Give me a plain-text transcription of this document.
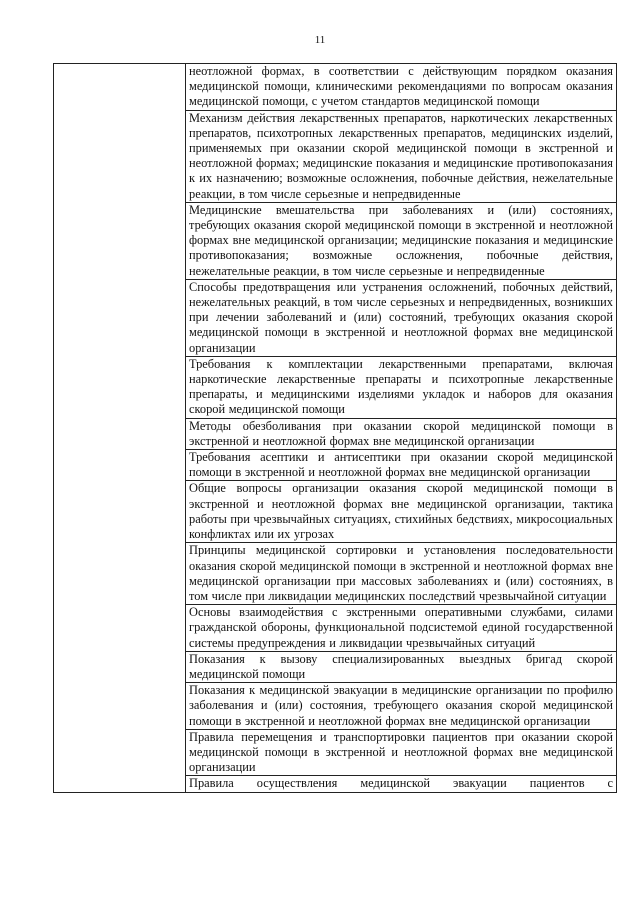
11

неотложной формах, в соответствии с действующим порядком оказания медицинской помощи, клиническими рекомендациями по вопросам оказания медицинской помощи, с учетом стандартов медицинской помощи

Механизм действия лекарственных препаратов, наркотических лекарственных препаратов, психотропных лекарственных препаратов, медицинских изделий, применяемых при оказании скорой медицинской помощи в экстренной и неотложной формах; медицинские показания и медицинские противопоказания к их назначению; возможные осложнения, побочные действия, нежелательные реакции, в том числе серьезные и непредвиденные

Медицинские вмешательства при заболеваниях и (или) состояниях, требующих оказания скорой медицинской помощи в экстренной и неотложной формах вне медицинской организации; медицинские показания и медицинские противопоказания; возможные осложнения, побочные действия, нежелательные реакции, в том числе серьезные и непредвиденные

Способы предотвращения или устранения осложнений, побочных действий, нежелательных реакций, в том числе серьезных и непредвиденных, возникших при лечении заболеваний и (или) состояний, требующих оказания скорой медицинской помощи в экстренной и неотложной формах вне медицинской организации

Требования к комплектации лекарственными препаратами, включая наркотические лекарственные препараты и психотропные лекарственные препараты, и медицинскими изделиями укладок и наборов для оказания скорой медицинской помощи

Методы обезболивания при оказании скорой медицинской помощи в экстренной и неотложной формах вне медицинской организации

Требования асептики и антисептики при оказании скорой медицинской помощи в экстренной и неотложной формах вне медицинской организации

Общие вопросы организации оказания скорой медицинской помощи в экстренной и неотложной формах вне медицинской организации, тактика работы при чрезвычайных ситуациях, стихийных бедствиях, микросоциальных конфликтах или их угрозах

Принципы медицинской сортировки и установления последовательности оказания скорой медицинской помощи в экстренной и неотложной формах вне медицинской организации при массовых заболеваниях и (или) состояниях, в том числе при ликвидации медицинских последствий чрезвычайной ситуации

Основы взаимодействия с экстренными оперативными службами, силами гражданской обороны, функциональной подсистемой единой государственной системы предупреждения и ликвидации чрезвычайных ситуаций

Показания к вызову специализированных выездных бригад скорой медицинской помощи

Показания к медицинской эвакуации в медицинские организации по профилю заболевания и (или) состояния, требующего оказания скорой медицинской помощи в экстренной и неотложной формах вне медицинской организации

Правила перемещения и транспортировки пациентов при оказании скорой медицинской помощи в экстренной и неотложной формах вне медицинской организации

Правила осуществления медицинской эвакуации пациентов с
